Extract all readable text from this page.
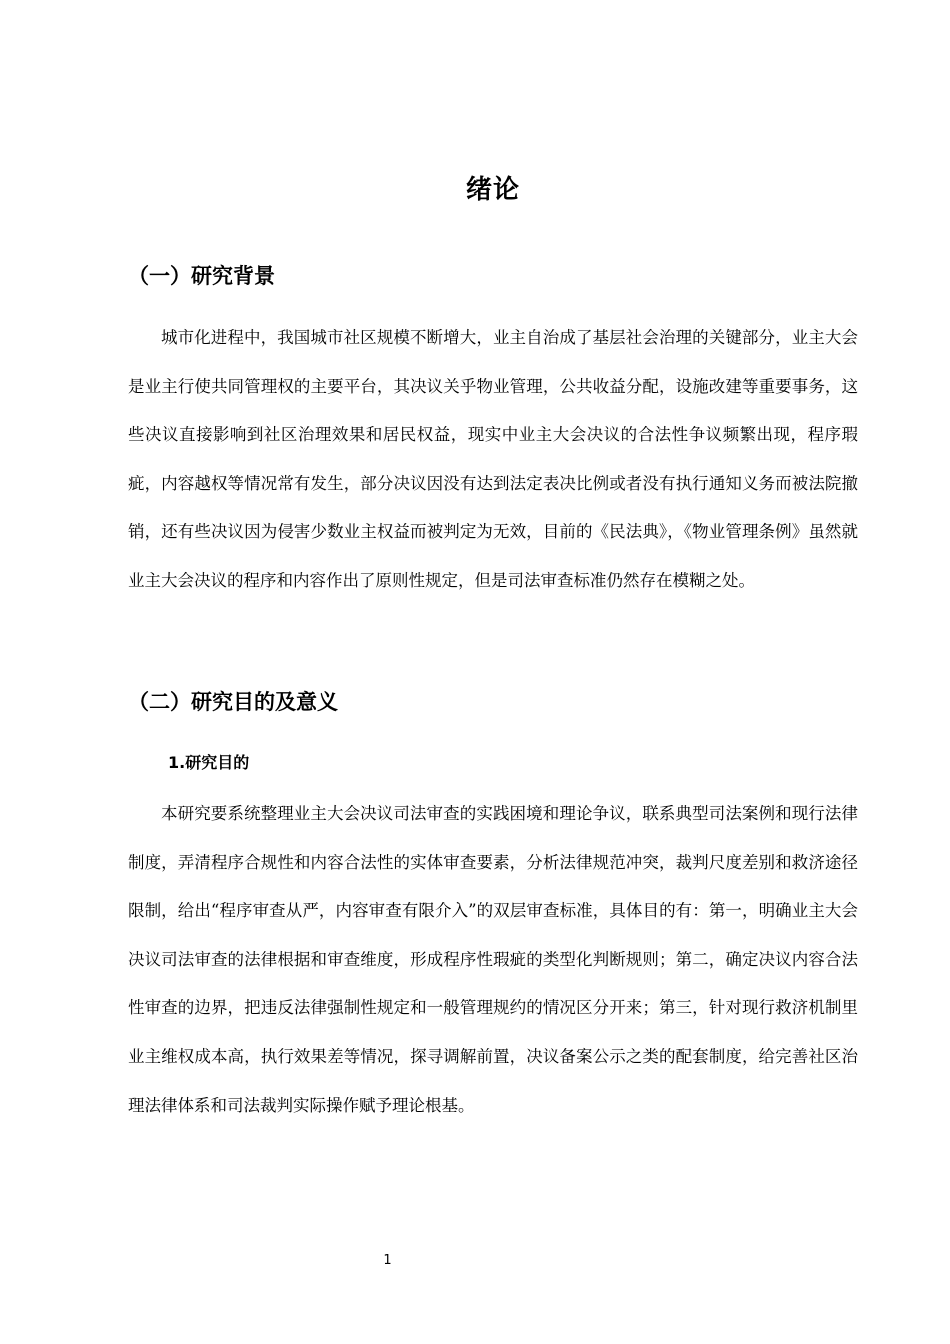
绪论
（一）研究背景

城市化进程中，我国城市社区规模不断增大，业主自治成了基层社会治理的关键部分，业主大会是业主行使共同管理权的主要平台，其决议关乎物业管理，公共收益分配，设施改建等重要事务，这些决议直接影响到社区治理效果和居民权益，现实中业主大会决议的合法性争议频繁出现，程序瑕疵，内容越权等情况常有发生，部分决议因没有达到法定表决比例或者没有执行通知义务而被法院撤销，还有些决议因为侵害少数业主权益而被判定为无效，目前的《民法典》，《物业管理条例》虽然就业主大会决议的程序和内容作出了原则性规定，但是司法审查标准仍然存在模糊之处。

（二）研究目的及意义
1.研究目的

本研究要系统整理业主大会决议司法审查的实践困境和理论争议，联系典型司法案例和现行法律制度，弄清程序合规性和内容合法性的实体审查要素，分析法律规范冲突，裁判尺度差别和救济途径限制，给出“程序审查从严，内容审查有限介入”的双层审查标准，具体目的有：第一，明确业主大会决议司法审查的法律根据和审查维度，形成程序性瑕疵的类型化判断规则；第二，确定决议内容合法性审查的边界，把违反法律强制性规定和一般管理规约的情况区分开来；第三，针对现行救济机制里业主维权成本高，执行效果差等情况，探寻调解前置，决议备案公示之类的配套制度，给完善社区治理法律体系和司法裁判实际操作赋予理论根基。

1
